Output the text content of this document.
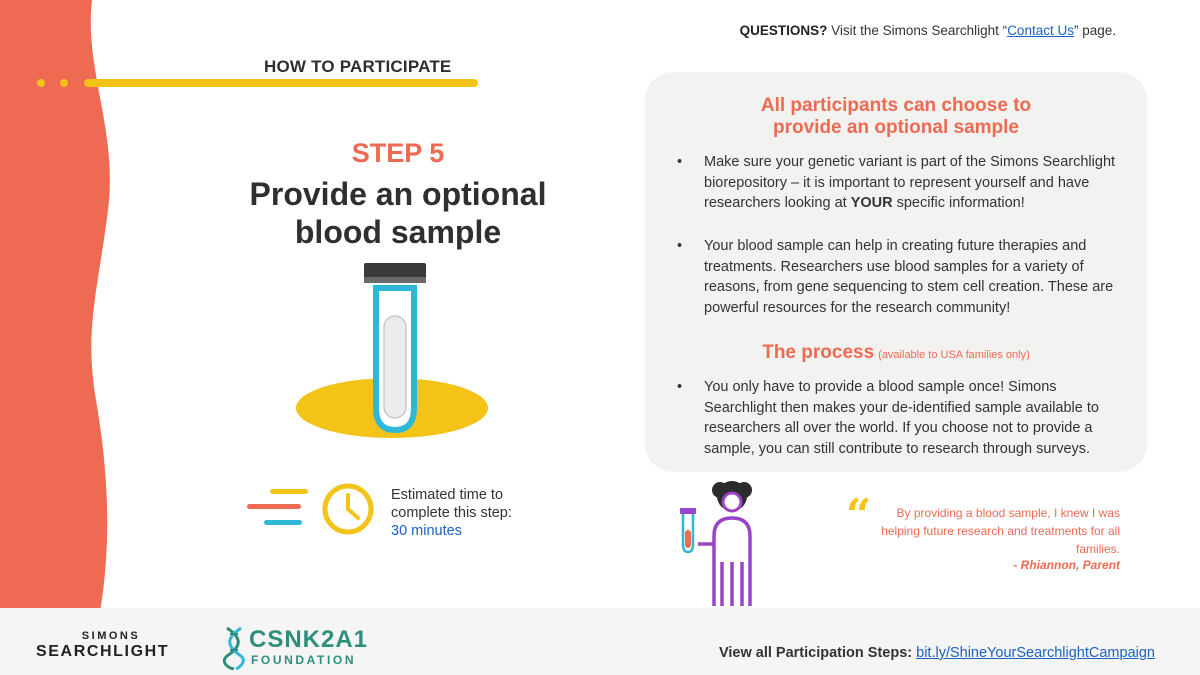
QUESTIONS? Visit the Simons Searchlight “Contact Us” page.
HOW TO PARTICIPATE
STEP 5
Provide an optional
blood sample
Estimated time to
complete this step:
30 minutes
All participants can choose to
provide an optional sample
•	Make sure your genetic variant is part of the Simons Searchlight biorepository – it is important to represent yourself and have researchers looking at YOUR specific information!
•	Your blood sample can help in creating future therapies and treatments. Researchers use blood samples for a variety of reasons, from gene sequencing to stem cell creation. These are powerful resources for the research community!
The process (available to USA families only)
•	You only have to provide a blood sample once! Simons Searchlight then makes your de-identified sample available to researchers all over the world. If you choose not to provide a sample, you can still contribute to research through surveys.
“	By providing a blood sample, I knew I was helping future research and treatments for all families.
- Rhiannon, Parent
SIMONS
SEARCHLIGHT	CSNK2A1
FOUNDATION	View all Participation Steps: bit.ly/ShineYourSearchlightCampaign
